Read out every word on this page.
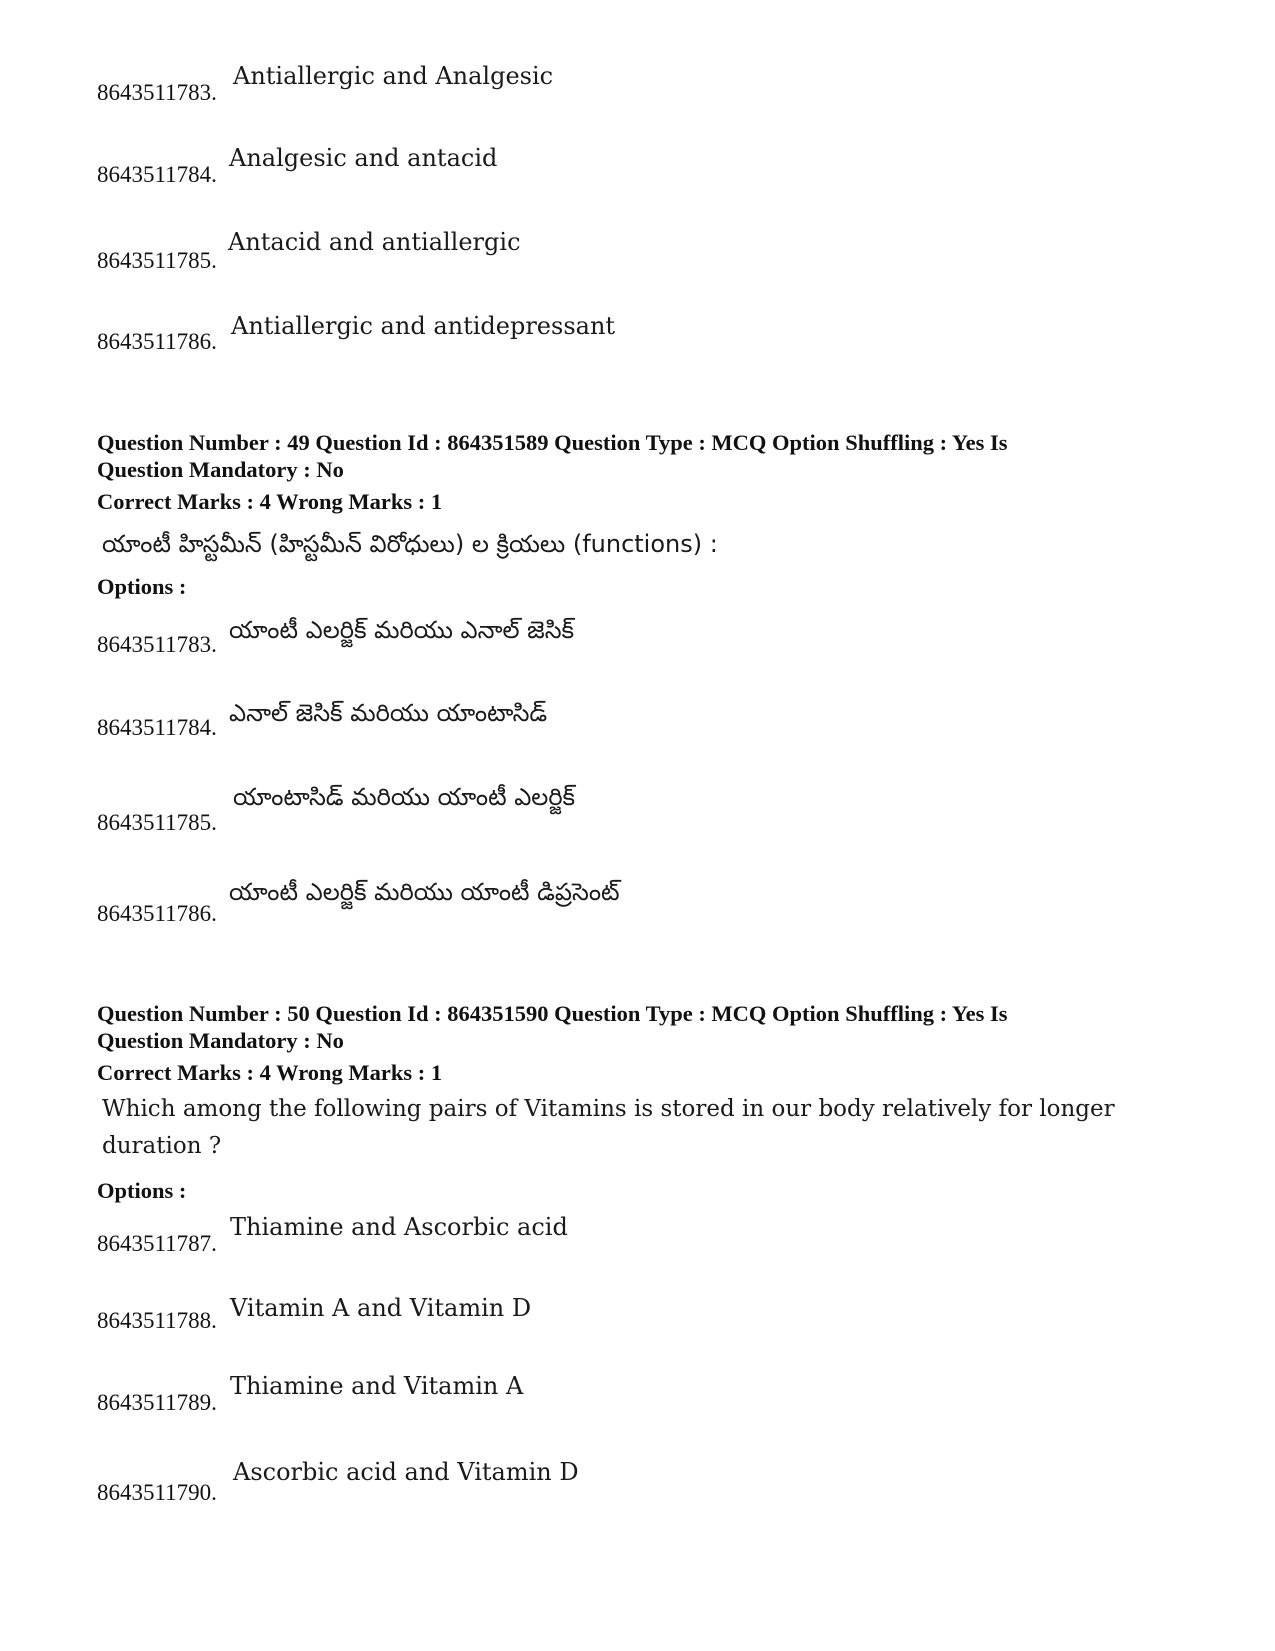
Antiallergic and Analgesic
8643511783.
Analgesic and antacid
8643511784.
Antacid and antiallergic
8643511785.
Antiallergic and antidepressant
8643511786.
Question Number : 49 Question Id : 864351589 Question Type : MCQ Option Shuffling : Yes Is
Question Mandatory : No
Correct Marks : 4 Wrong Marks : 1
యాంటీ హిస్టమీన్ (హిస్టమీన్ విరోధులు) ల క్రియలు (functions) :
Options :
యాంటీ ఎలర్జిక్ మరియు ఎనాల్ జెసిక్
8643511783.
ఎనాల్ జెసిక్ మరియు యాంటాసిడ్
8643511784.
యాంటాసిడ్ మరియు యాంటీ ఎలర్జిక్
8643511785.
యాంటీ ఎలర్జిక్ మరియు యాంటీ డిప్రసెంట్
8643511786.
Question Number : 50 Question Id : 864351590 Question Type : MCQ Option Shuffling : Yes Is
Question Mandatory : No
Correct Marks : 4 Wrong Marks : 1
Which among the following pairs of Vitamins is stored in our body relatively for longer
duration ?
Options :
Thiamine and Ascorbic acid
8643511787.
Vitamin A and Vitamin D
8643511788.
Thiamine and Vitamin A
8643511789.
Ascorbic acid and Vitamin D
8643511790.
